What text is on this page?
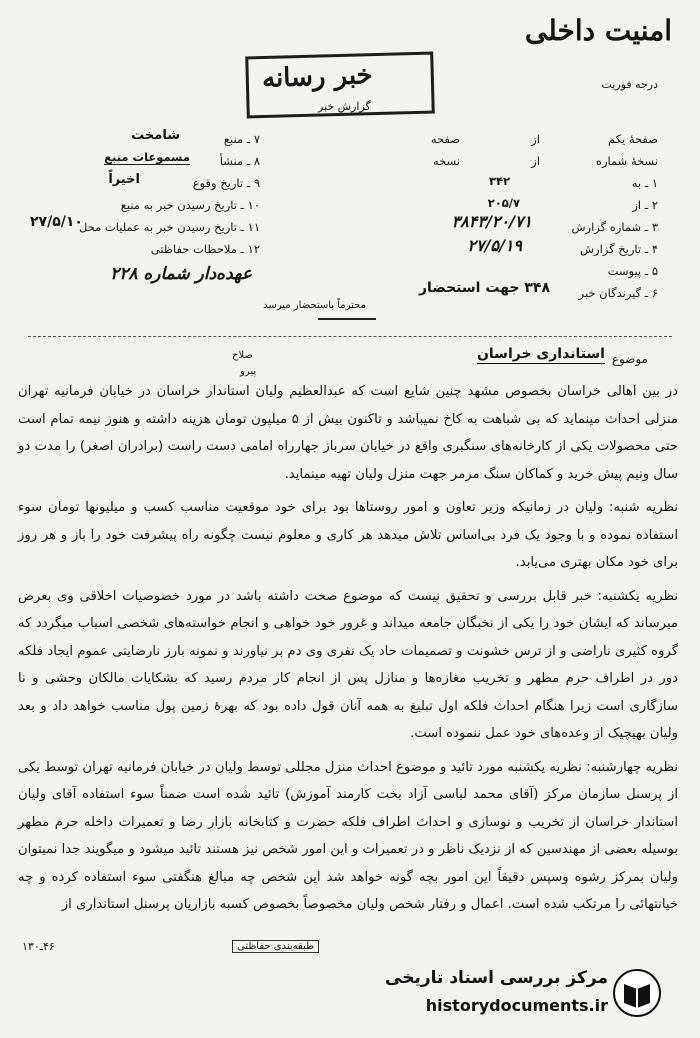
امنیت داخلی
درجه فوریت
خبر رسانه
گزارش خبر
صفحهٔ یکم
از
صفحه
نسخهٔ شماره
از
نسخه
۱ ـ به
۳۴۲
۲ ـ از
۲۰۵/۷
۳ ـ شماره گزارش
۳۸۴۳/۲۰/۷۱
۴ ـ تاریخ گزارش
۲۷/۵/۱۹
۵ ـ پیوست
۶ ـ گیرندگان خبر
۳۴۸ جهت استحضار
۷ ـ منبع
شامخت
۸ ـ منشأ
مسموعات منبع
۹ ـ تاریخ وقوع
اخیراً
۱۰ ـ تاریخ رسیدن خبر به منبع
۱۱ ـ تاریخ رسیدن خبر به عملیات محل
۲۷/۵/۱۰
۱۲ ـ ملاحظات حفاظتی
عهده‌دار شماره ۲۲۸
محترماً باستحضار میرسد
موضوع
استانداری خراسان
صلاح
پیرو

در بین اهالی خراسان بخصوص مشهد چنین شایع است که عبدالعظیم ولیان استاندار خراسان در خیابان فرمانیه تهران منزلی احداث مینماید که بی شباهت به کاخ نمیباشد و تاکنون بیش از ۵ میلیون تومان هزینه داشته و هنوز نیمه تمام است حتی محصولات یکی از کارخانه‌های سنگبری واقع در خیابان سرباز جهارراه امامی دست راست (برادران اصغر) را مدت دو سال ونیم پیش خرید و کماکان سنگ مرمر جهت منزل ولیان تهیه مینماید.

نظریه شنبه: ولیان در زمانیکه وزیر تعاون و امور روستاها بود برای خود موقعیت مناسب کسب و میلیونها تومان سوء استفاده نموده و با وجود یک فرد بی‌اساس تلاش میدهد هر کاری و معلوم نیست چگونه راه پیشرفت خود را باز و هر روز برای خود مکان بهتری می‌یابد.

نظریه یکشنبه: خبر قابل بررسی و تحقیق نیست که موضوع صحت داشته باشد در مورد خصوصیات اخلاقی وی بعرض میرساند که ایشان خود را یکی از نخبگان جامعه میداند و غرور خود خواهی و انجام خواسته‌های شخصی اسباب میگردد که گروه کثیری ناراضی و از ترس خشونت و تصمیمات حاد یک نفری وی دم بر نیاورند و نمونه بارز نارضایتی عموم ایجاد فلکه دور در اطراف حرم مطهر و تخریب مغازه‌ها و منازل پس از انجام کار مردم رسید که بشکایات مالکان وحشی و نا سازگاری است زیرا هنگام احداث فلکه اول تبلیغ به همه آنان قول داده بود که بهرهٔ زمین پول مناسب خواهد داد و بعد ولیان بهیچیک از وعده‌های خود عمل ننموده است.

نظریه چهارشنبه: نظریه یکشنبه مورد تائید و موضوع احداث منزل مجللی توسط ولیان در خیابان فرمانیه تهران توسط یکی از پرسنل سازمان مرکز (آقای محمد لباسی آزاد بخت کارمند آموزش) تائید شده است ضمناً سوء استفاده آقای ولیان استاندار خراسان از تخریب و نوسازی و احداث اطراف فلکه حضرت و کتابخانه بازار رضا و تعمیرات داخله حرم مطهر بوسیله بعضی از مهندسین که از نزدیک ناظر و در تعمیرات و این امور شخص نیز هستند تائید میشود و میگویند جدا نمیتوان ولیان بمرکز رشوه وسپس دقیقاً این امور بچه گونه خواهد شد این شخص چه مبالغ هنگفتی سوء استفاده کرده و چه خیانتهائی را مرتکب شده است. اعمال و رفتار شخص ولیان مخصوصاً بخصوص کسبه بازاریان پرسنل استانداری از

۴۶ـ۱۳۰	طبقه‌بندی حفاظتی
مرکز بررسی اسناد تاریخی
historydocuments.ir
